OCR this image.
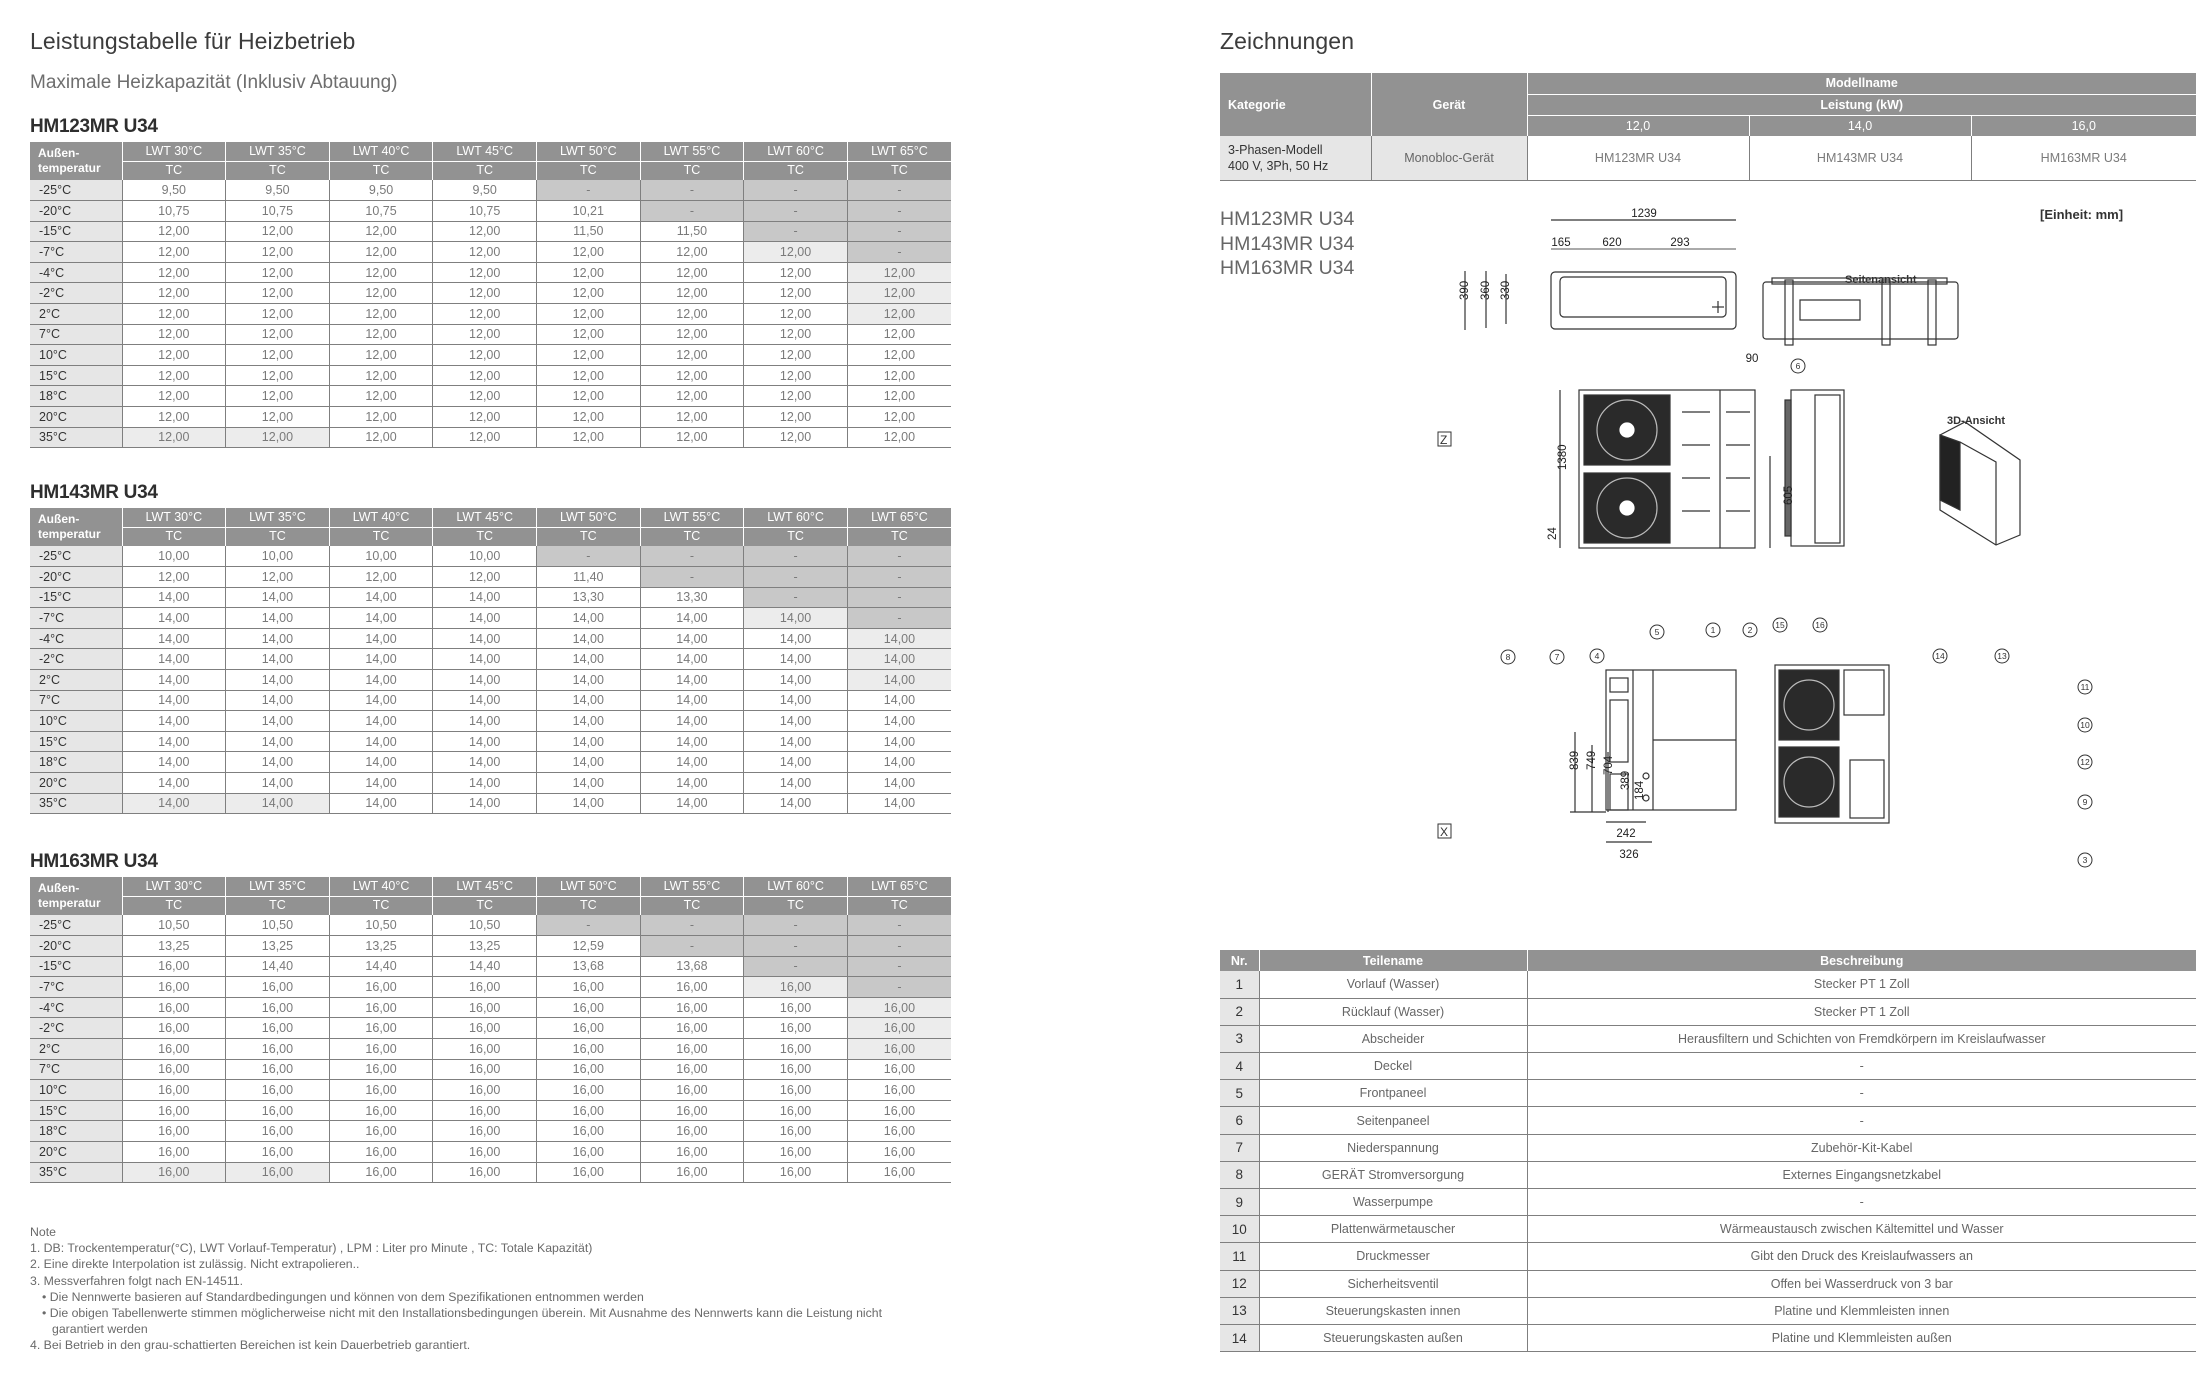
Leistungstabelle für Heizbetrieb
Maximale Heizkapazität (Inklusiv Abtauung)
HM123MR U34
Außen-
temperatur	LWT 30°C	LWT 35°C	LWT 40°C	LWT 45°C	LWT 50°C	LWT 55°C	LWT 60°C	LWT 65°C
	TC	TC	TC	TC	TC	TC	TC	TC
-25°C	9,50	9,50	9,50	9,50	-	-	-	-
-20°C	10,75	10,75	10,75	10,75	10,21	-	-	-
-15°C	12,00	12,00	12,00	12,00	11,50	11,50	-	-
-7°C	12,00	12,00	12,00	12,00	12,00	12,00	12,00	-
-4°C	12,00	12,00	12,00	12,00	12,00	12,00	12,00	12,00
-2°C	12,00	12,00	12,00	12,00	12,00	12,00	12,00	12,00
2°C	12,00	12,00	12,00	12,00	12,00	12,00	12,00	12,00
7°C	12,00	12,00	12,00	12,00	12,00	12,00	12,00	12,00
10°C	12,00	12,00	12,00	12,00	12,00	12,00	12,00	12,00
15°C	12,00	12,00	12,00	12,00	12,00	12,00	12,00	12,00
18°C	12,00	12,00	12,00	12,00	12,00	12,00	12,00	12,00
20°C	12,00	12,00	12,00	12,00	12,00	12,00	12,00	12,00
35°C	12,00	12,00	12,00	12,00	12,00	12,00	12,00	12,00
HM143MR U34
Außen-
temperatur	LWT 30°C	LWT 35°C	LWT 40°C	LWT 45°C	LWT 50°C	LWT 55°C	LWT 60°C	LWT 65°C
	TC	TC	TC	TC	TC	TC	TC	TC
-25°C	10,00	10,00	10,00	10,00	-	-	-	-
-20°C	12,00	12,00	12,00	12,00	11,40	-	-	-
-15°C	14,00	14,00	14,00	14,00	13,30	13,30	-	-
-7°C	14,00	14,00	14,00	14,00	14,00	14,00	14,00	-
-4°C	14,00	14,00	14,00	14,00	14,00	14,00	14,00	14,00
-2°C	14,00	14,00	14,00	14,00	14,00	14,00	14,00	14,00
2°C	14,00	14,00	14,00	14,00	14,00	14,00	14,00	14,00
7°C	14,00	14,00	14,00	14,00	14,00	14,00	14,00	14,00
10°C	14,00	14,00	14,00	14,00	14,00	14,00	14,00	14,00
15°C	14,00	14,00	14,00	14,00	14,00	14,00	14,00	14,00
18°C	14,00	14,00	14,00	14,00	14,00	14,00	14,00	14,00
20°C	14,00	14,00	14,00	14,00	14,00	14,00	14,00	14,00
35°C	14,00	14,00	14,00	14,00	14,00	14,00	14,00	14,00
HM163MR U34
Außen-
temperatur	LWT 30°C	LWT 35°C	LWT 40°C	LWT 45°C	LWT 50°C	LWT 55°C	LWT 60°C	LWT 65°C
	TC	TC	TC	TC	TC	TC	TC	TC
-25°C	10,50	10,50	10,50	10,50	-	-	-	-
-20°C	13,25	13,25	13,25	13,25	12,59	-	-	-
-15°C	16,00	14,40	14,40	14,40	13,68	13,68	-	-
-7°C	16,00	16,00	16,00	16,00	16,00	16,00	16,00	-
-4°C	16,00	16,00	16,00	16,00	16,00	16,00	16,00	16,00
-2°C	16,00	16,00	16,00	16,00	16,00	16,00	16,00	16,00
2°C	16,00	16,00	16,00	16,00	16,00	16,00	16,00	16,00
7°C	16,00	16,00	16,00	16,00	16,00	16,00	16,00	16,00
10°C	16,00	16,00	16,00	16,00	16,00	16,00	16,00	16,00
15°C	16,00	16,00	16,00	16,00	16,00	16,00	16,00	16,00
18°C	16,00	16,00	16,00	16,00	16,00	16,00	16,00	16,00
20°C	16,00	16,00	16,00	16,00	16,00	16,00	16,00	16,00
35°C	16,00	16,00	16,00	16,00	16,00	16,00	16,00	16,00
Note
1. DB: Trockentemperatur(°C), LWT Vorlauf-Temperatur) , LPM : Liter pro Minute , TC: Totale Kapazität)
2. Eine direkte Interpolation ist zulässig. Nicht extrapolieren..
3. Messverfahren folgt nach EN-14511.
• Die Nennwerte basieren auf Standardbedingungen und können von dem Spezifikationen entnommen werden
• Die obigen Tabellenwerte stimmen möglicherweise nicht mit den Installationsbedingungen überein. Mit Ausnahme des Nennwerts kann die Leistung nicht
garantiert werden
4. Bei Betrieb in den grau-schattierten Bereichen ist kein Dauerbetrieb garantiert.
Zeichnungen
Kategorie	Gerät	Modellname		
		Leistung (kW)		
		12,0	14,0	16,0

3-Phasen-Modell
400 V, 3Ph, 50 Hz	Monobloc-Gerät	HM123MR U34	HM143MR U34	HM163MR U34
HM123MR U34
HM143MR U34
HM163MR U34
[Einheit: mm]
1239
165	620	293
390 360 330
90
1380
24
605
839 749 704
389
184
242
326
Z
X
Seitenansicht
3D-Ansicht
1	2
3
4
5
6
7
8
9
10
11
12
13
14
15	16
Nr.	Teilename	Beschreibung
1	Vorlauf (Wasser)	Stecker PT 1 Zoll
2	Rücklauf (Wasser)	Stecker PT 1 Zoll
3	Abscheider	Herausfiltern und Schichten von Fremdkörpern im Kreislaufwasser
4	Deckel	-
5	Frontpaneel	-
6	Seitenpaneel	-
7	Niederspannung	Zubehör-Kit-Kabel
8	GERÄT Stromversorgung	Externes Eingangsnetzkabel
9	Wasserpumpe	-
10	Plattenwärmetauscher	Wärmeaustausch zwischen Kältemittel und Wasser
11	Druckmesser	Gibt den Druck des Kreislaufwassers an
12	Sicherheitsventil	Offen bei Wasserdruck von 3 bar
13	Steuerungskasten innen	Platine und Klemmleisten innen
14	Steuerungskasten außen	Platine und Klemmleisten außen
